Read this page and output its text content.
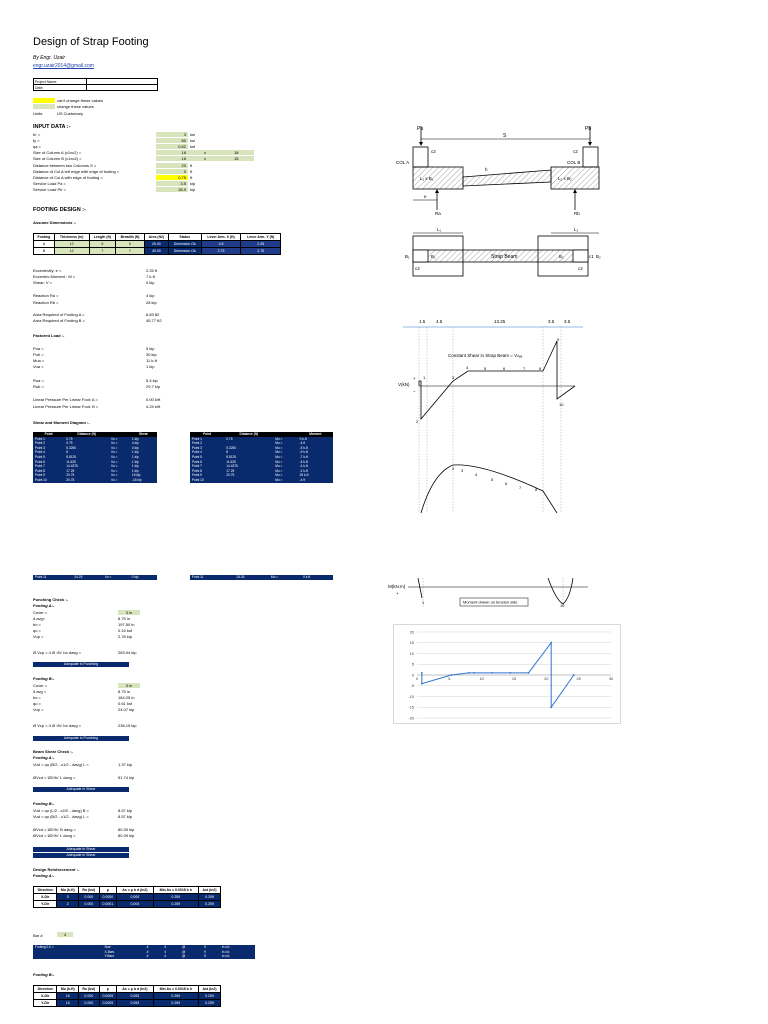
Design of Strap Footing
By Engr. Uzair
engr.uzair2014@gmail.com
Project Name:	
Date:	
can't change these values
change these values
Units:	US Customary
INPUT DATA :-
fc' =	3	ksi
fy =	60	ksi
qa =	0.62	ksf
Size of Column A (c1xc2) =	18	x	18
Size of Column B (c1xc2) =	18	x	18
Distance between two Columns S =	20	ft
Distance of Col A left edge with edge of footing =	0	ft
Distance of Col A with edge of footing =	0.75	ft
Service Load Pa =	3.5	kip
Service Load Pb =	28.9	kip
FOOTING DESIGN :-
Assume Dimensions :-
Footing	Thickness (in)	Length (ft)	Breadth (ft)	Area (ft2)	Status	Lever Arm- X (ft)	Lever Arm- Y (ft)
A	12	5	5	25.00	Dimension Ok	4.5	2.25
B	12	7	7	49.00	Dimension Ok	2.75	2.75
Eccentricity: e =	2.25 ft
Eccentric Moment : M =	7 k-ft
Shear: V =	0 kip
Reaction Ra =	4 kip
Reaction Rb =	28 kip
Area Required of Footing A =	6.83 ft2
Area Required of Footing B =	45.77 ft2
Factored Load :-
Pua =	5 kip
Pub =	30 kip
Mua =	11 k-ft
Vua =	1 kip
Rua =	5.4 kip
Rub =	29.7 kip
Linear Pressure Per Linear Foot: A =	0.00 k/ft
Linear Pressure Per Linear Foot: B =	4.24 k/ft
Shear and Moment Diagram :-
Point	Distance (ft)		Shear
Point 1	0.75	Vu =	1 kip
Point 2	0.75	Vu =	4 kip
Point 3	5.3250	Vu =	0 kip
Point 4	8	Vu =	1 kip
Point 5	8.8125	Vu =	1 kip
Point 6	11.625	Vu =	1 kip
Point 7	14.4375	Vu =	1 kip
Point 8	17.25	Vu =	1 kip
Point 9	20.75	Vu =	15 kip
Point 10	20.75	Vu =	-15 kip
Point	Distance (ft)		Moment
Point 1	0.75	Mu =	0 k-ft
Point 2		Mu =	-4 ft
Point 3	5.3250	Mu =	-9 k-ft
Point 4	8	Mu =	-9 k-ft
Point 5	8.8125	Mu =	-7 k-ft
Point 6	11.625	Mu =	-6 k-ft
Point 7	14.4375	Mu =	-4 k-ft
Point 8	17.25	Mu =	-2 k-ft
Point 9	20.75	Mu =	26 k-ft
Point 10		Mu =	-4 ft
Point 11	24.25	Vu =	0 kip	Point 11	24.25	Mu =	0 k-ft
Punching Check :-
Footing A:-
Cover =	3 in
d avg=	8.75 in
bo =	197.50 in
qu =	0.15 ksf
Vup =	2.78 kip
Ø Vcp = 4 Ø √fc' bo davg =	283.94 kip
Adequate in Punching
Footing B:-
Cover =	3 in
d avg =	8.75 in
bo =	184.25 in
qu =	0.61 ksf
Vup =	24.07 kip
Ø Vcp = 4 Ø √fc' bo davg =	236.15 kip
Adequate in Punching
Beam Shear Check :-
Footing A:-
Vud = qu (B/2 - c1/2 - davg) L =	1.37 kip
ØVcd = Ø2√fc' L davg =	51.74 kip
Adequate in Shear
Footing B:-
Vud = qu (L/2 - c2/2 - davg) B =	8.57 kip
Vud = qu (B/2 - c1/2 - davg) L =	8.57 kip
ØVcd = Ø2√fc' B davg =	80.39 kip
ØVcd = Ø2√fc' L davg =	80.39 kip
Adequate in Shear
Adequate in Shear
Design Reinforcement :-
Footing A:-
Direction	Mu (k-ft)	Ru (ksi)	ρ	As = ρ b d (in2)	Min As = 0.0018 b h	Ast (in2)
X-Dir	0	0.000	0.0000	0.000	0.259	0.259
Y-Dir	2	0.000	0.0001	0.004	0.259	0.259
Bar #	4
Footing 0.0 =	Size	#	4	@	9	in c/c
	X-Bars	#	4	@	9	in c/c
	Y-Bars	#	4	@	9	in c/c
Footing B:-
Direction	Mu (k-ft)	Ru (ksi)	ρ	As = ρ b d (in2)	Min As = 0.0018 b h	Ast (in2)
X-Dir	16	0.000	0.0005	0.053	0.259	0.259
Y-Dir	16	0.000	0.0005	0.053	0.259	0.259
Pa	Pb
S
c2	c2
COL A	COL B
h
L₁ x B₁	L₂ x B₂
e
Ra	Rb
L₁	L₂
B₁	B₁	c1
B₂	B₂
Strap Beam
c2	c2
1.5 4.5	13.25	3.5 3.5
Constant Shear in Strap Beam = Vₙₑₑ
V(kN)
+
−
1
2
3
4	5	6	7	8
9
10
2 3
4
5
6
7	8
M(kN.m)
+
1
10
Moment drawn on tension side
20
15
10
5
0
-5
-10
-15
-20
0	5	10	15	20	25	30
